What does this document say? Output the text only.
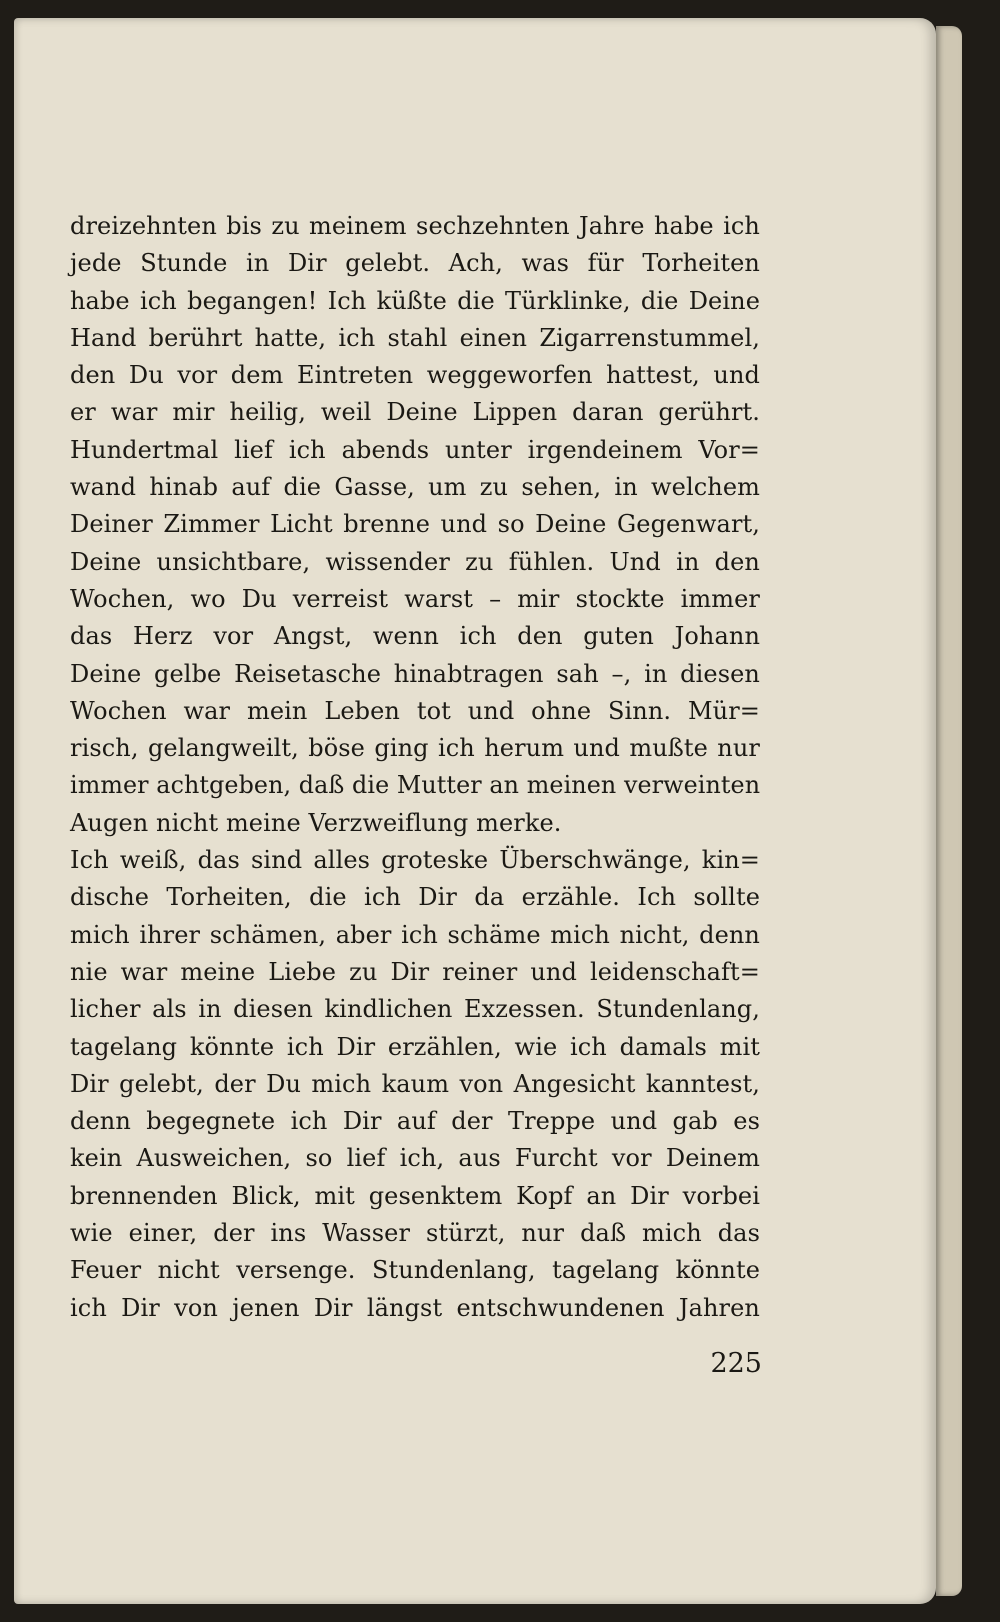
dreizehnten bis zu meinem sechzehnten Jahre habe ich
jede Stunde in Dir gelebt. Ach, was für Torheiten
habe ich begangen! Ich küßte die Türklinke, die Deine
Hand berührt hatte, ich stahl einen Zigarrenstummel,
den Du vor dem Eintreten weggeworfen hattest, und
er war mir heilig, weil Deine Lippen daran gerührt.
Hundertmal lief ich abends unter irgendeinem Vor=
wand hinab auf die Gasse, um zu sehen, in welchem
Deiner Zimmer Licht brenne und so Deine Gegenwart,
Deine unsichtbare, wissender zu fühlen. Und in den
Wochen, wo Du verreist warst – mir stockte immer
das Herz vor Angst, wenn ich den guten Johann
Deine gelbe Reisetasche hinabtragen sah –, in diesen
Wochen war mein Leben tot und ohne Sinn. Mür=
risch, gelangweilt, böse ging ich herum und mußte nur
immer achtgeben, daß die Mutter an meinen verweinten
Augen nicht meine Verzweiflung merke.
Ich weiß, das sind alles groteske Überschwänge, kin=
dische Torheiten, die ich Dir da erzähle. Ich sollte
mich ihrer schämen, aber ich schäme mich nicht, denn
nie war meine Liebe zu Dir reiner und leidenschaft=
licher als in diesen kindlichen Exzessen. Stundenlang,
tagelang könnte ich Dir erzählen, wie ich damals mit
Dir gelebt, der Du mich kaum von Angesicht kanntest,
denn begegnete ich Dir auf der Treppe und gab es
kein Ausweichen, so lief ich, aus Furcht vor Deinem
brennenden Blick, mit gesenktem Kopf an Dir vorbei
wie einer, der ins Wasser stürzt, nur daß mich das
Feuer nicht versenge. Stundenlang, tagelang könnte
ich Dir von jenen Dir längst entschwundenen Jahren
225
